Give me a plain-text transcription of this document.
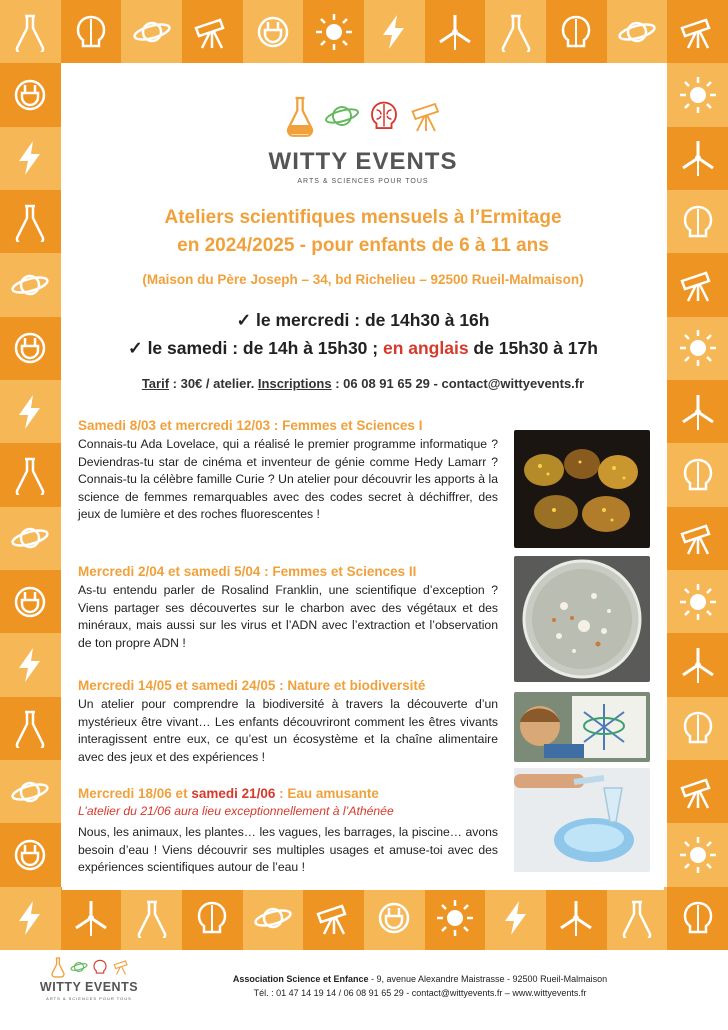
WITTY EVENTS
ARTS & SCIENCES POUR TOUS
Ateliers scientifiques mensuels à l’Ermitage
en 2024/2025 - pour enfants de 6 à 11 ans
(Maison du Père Joseph – 34, bd Richelieu – 92500 Rueil-Malmaison)
✓ le mercredi : de 14h30 à 16h
✓ le samedi : de 14h à 15h30 ; en anglais de 15h30 à 17h
Tarif : 30€ / atelier. Inscriptions : 06 08 91 65 29 - contact@wittyevents.fr
Samedi 8/03 et mercredi 12/03 : Femmes et Sciences I
Connais-tu Ada Lovelace, qui a réalisé le premier programme informatique ? Deviendras-tu star de cinéma et inventeur de génie comme Hedy Lamarr ? Connais-tu la célèbre famille Curie ? Un atelier pour découvrir les apports à la science de femmes remarquables avec des codes secret à déchiffrer, des jeux de lumière et des roches fluorescentes !
Mercredi 2/04 et samedi 5/04 : Femmes et Sciences II
As-tu entendu parler de Rosalind Franklin, une scientifique d’exception ? Viens partager ses découvertes sur le charbon avec des végétaux et des minéraux, mais aussi sur les virus et l’ADN avec l’extraction et l’observation de ton propre ADN !
Mercredi 14/05 et samedi 24/05 : Nature et biodiversité
Un atelier pour comprendre la biodiversité à travers la découverte d’un mystérieux être vivant… Les enfants découvriront comment les êtres vivants interagissent entre eux, ce qu’est un écosystème et la chaîne alimentaire avec des jeux et des expériences !
Mercredi 18/06 et samedi 21/06 : Eau amusante
L’atelier du 21/06 aura lieu exceptionnellement à l’Athénée
Nous, les animaux, les plantes… les vagues, les barrages, la piscine… avons besoin d’eau ! Viens découvrir ses multiples usages et amuse-toi avec des expériences scientifiques autour de l’eau !
WITTY EVENTS
ARTS & SCIENCES POUR TOUS
Association Science et Enfance - 9, avenue Alexandre Maistrasse - 92500 Rueil-Malmaison
Tél. : 01 47 14 19 14 / 06 08 91 65 29 - contact@wittyevents.fr – www.wittyevents.fr
